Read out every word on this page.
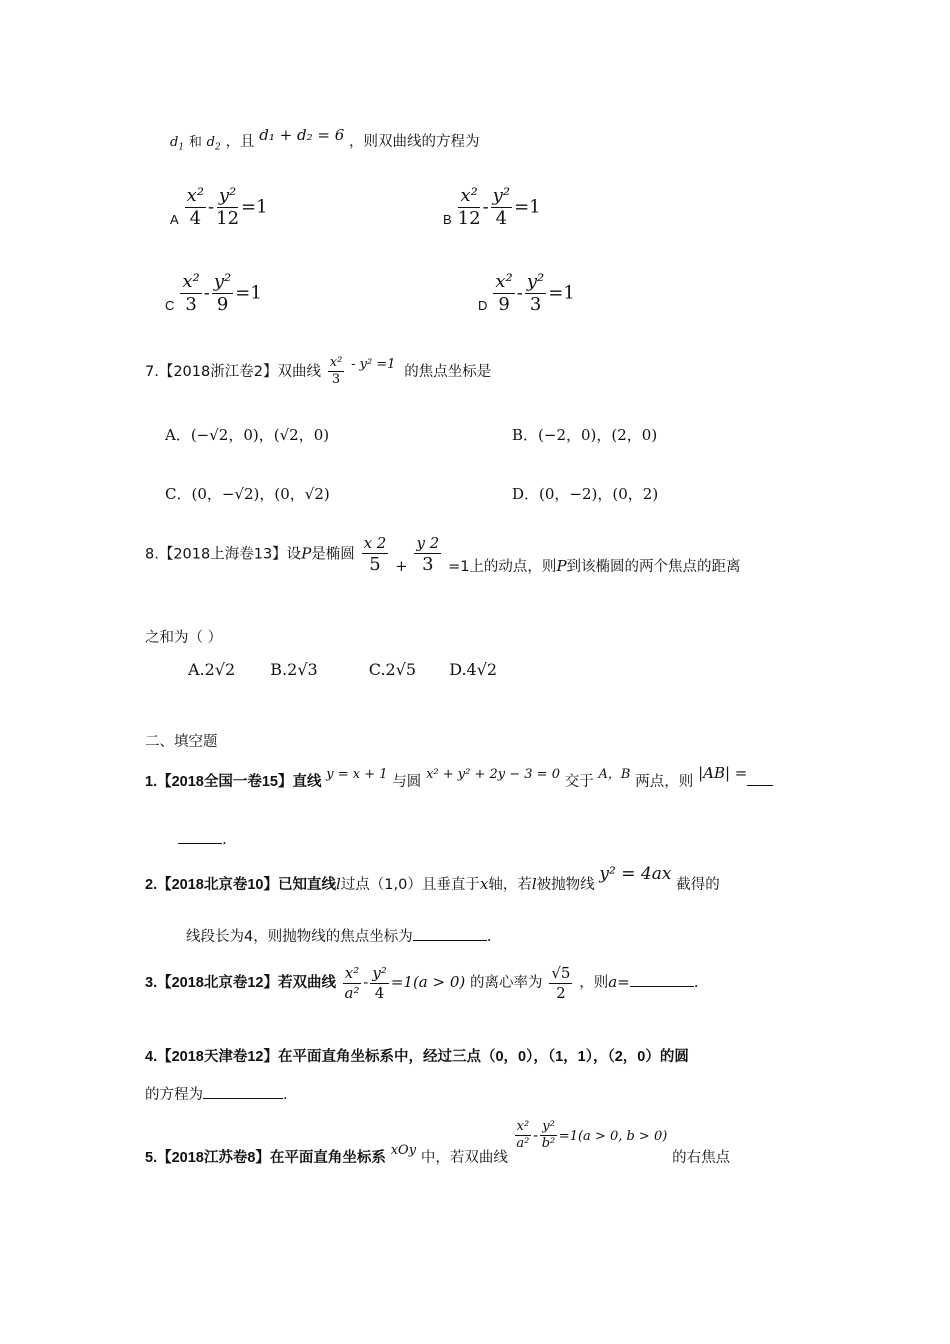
$d_1$ 和 $d_2$ ，且 d₁ + d₂ = 6 ，则双曲线的方程为
$_A \frac{\text{x²}}{4} - \frac{\text{y²}}{12} =1$
$_B \frac{\text{x²}}{12} - \frac{\text{y²}}{4} =1$
$_C \frac{\text{x²}}{3} - \frac{\text{y²}}{9} =1$
$_D \frac{\text{x²}}{9} - \frac{\text{y²}}{3} =1$
7.【2018浙江卷2】双曲线 $\frac{\text{x²}}{3} - y^2 =1$ 的焦点坐标是
A．(−√2，0)，(√2，0)	B．(−2，0)，(2，0)
C．(0，−√2)，(0，√2)	D．(0，−2)，(0，2)
8.【2018上海卷13】设P是椭圆 $\frac{x 2}{5} + \frac{y 2}{3} =1$上的动点，则P到该椭圆的两个焦点的距离
之和为（ ）
A.2√2 B.2√3	C.2√5 D.4√2
二、填空题
1.【2018全国一卷15】直线 y = x + 1 与圆 x² + y² + 2y − 3 = 0 交于 A，B 两点，则 |AB| =
.
2.【2018北京卷10】已知直线l过点（1,0）且垂直于x轴，若l被抛物线 y² = 4ax 截得的
线段长为4，则抛物线的焦点坐标为	.
3.【2018北京卷12】若双曲线 $\frac{\text{x²}}{\text{a²}} - \frac{\text{y²}}{4} =1(a > 0)$ 的离心率为 $\frac{√5}{2}$ ，则a=	.
4.【2018天津卷12】在平面直角坐标系中，经过三点（0，0），（1，1），（2，0）的圆
的方程为	.
5.【2018江苏卷8】在平面直角坐标系 xOy 中，若双曲线
$\frac{\text{x²}}{\text{a²}} - \frac{\text{y²}}{\text{b²}} =1(a > 0$, b > 0) 的右焦点
